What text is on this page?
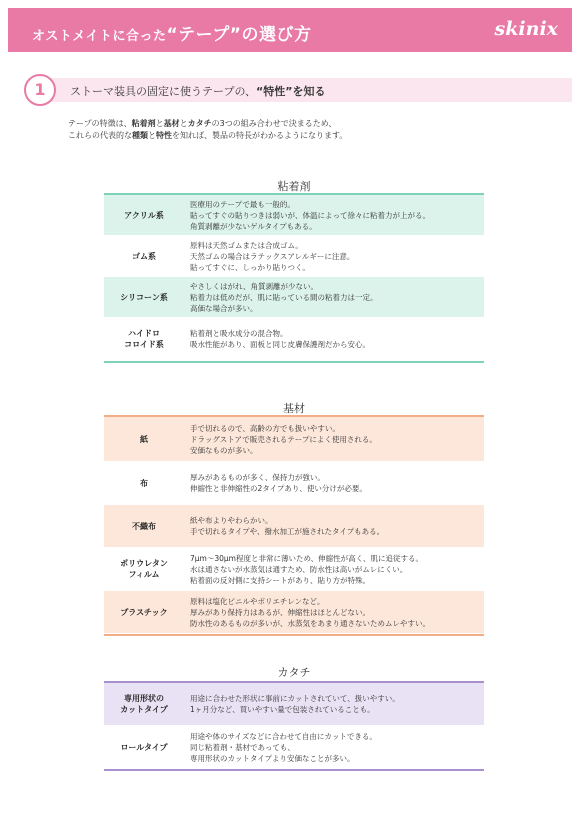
オストメイトに合った“テープ”の選び方	skinix
1	ストーマ装具の固定に使うテープの、“特性”を知る
テープの特徴は、粘着剤と基材とカタチの3つの組み合わせで決まるため、
これらの代表的な種類と特性を知れば、製品の特長がわかるようになります。
粘着剤
アクリル系
医療用のテープで最も一般的。
貼ってすぐの貼りつきは弱いが、体温によって徐々に粘着力が上がる。
角質剥離が少ないゲルタイプもある。
ゴム系
原料は天然ゴムまたは合成ゴム。
天然ゴムの場合はラテックスアレルギーに注意。
貼ってすぐに、しっかり貼りつく。
シリコーン系
やさしくはがれ、角質剥離が少ない。
粘着力は低めだが、肌に貼っている間の粘着力は一定。
高価な場合が多い。
ハイドロ
コロイド系
粘着剤と吸水成分の混合物。
吸水性能があり、面板と同じ皮膚保護剤だから安心。
基材
紙
手で切れるので、高齢の方でも扱いやすい。
ドラッグストアで販売されるテープによく使用される。
安価なものが多い。
布
厚みがあるものが多く、保持力が強い。
伸縮性と非伸縮性の2タイプあり、使い分けが必要。
不織布
紙や布よりやわらかい。
手で切れるタイプや、撥水加工が施されたタイプもある。
ポリウレタン
フィルム
7μm〜30μm程度と非常に薄いため、伸縮性が高く、肌に追従する。
水は通さないが水蒸気は通すため、防水性は高いがムレにくい。
粘着面の反対側に支持シートがあり、貼り方が特殊。
プラスチック
原料は塩化ビニルやポリエチレンなど。
厚みがあり保持力はあるが、伸縮性はほとんどない。
防水性のあるものが多いが、水蒸気をあまり通さないためムレやすい。
カタチ
専用形状の
カットタイプ
用途に合わせた形状に事前にカットされていて、扱いやすい。
1ヶ月分など、買いやすい量で包装されていることも。
ロールタイプ
用途や体のサイズなどに合わせて自由にカットできる。
同じ粘着剤・基材であっても、
専用形状のカットタイプより安価なことが多い。
